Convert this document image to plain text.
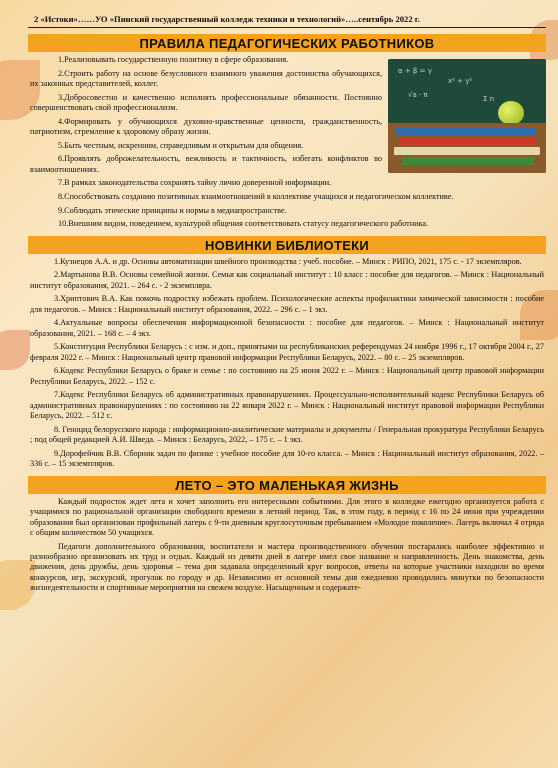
2 «Истоки»……УО «Пинский государственный колледж техники и технологий»…..сентябрь 2022 г.
ПРАВИЛА ПЕДАГОГИЧЕСКИХ РАБОТНИКОВ
α + β = γ
x² + y²
√a · π	Σ n

1.Реализовывать государственную политику в сфере образования.

2.Строить работу на основе безусловного взаимного уважения достоинства обучающихся, их законных представителей, коллег.

3.Добросовестно и качественно исполнять профессиональные обязанности. Постоянно совершенствовать свой профессионализм.

4.Формировать у обучающихся духовно-нравственные ценности, гражданственность, патриотизм, стремление к здоровому образу жизни.

5.Быть честным, искренним, справедливым и открытым для общения.

6.Проявлять доброжелательность, вежливость и тактичность, избегать конфликтов во взаимоотношениях.

7.В рамках законодательства сохранять тайну лично доверенной информации.

8.Способствовать созданию позитивных взаимоотношений в коллективе учащихся и педагогическом коллективе.

9.Соблюдать этические принципы и нормы в медиапространстве.

10.Внешним видом, поведением, культурой общения соответствовать статусу педагогического работника.

НОВИНКИ БИБЛИОТЕКИ

1.Кузнецов А.А. и др. Основы автоматизации швейного производства : учеб. пособие. – Минск : РИПО, 2021, 175 с. - 17 экземпляров.

2.Мартынова В.В. Основы семейной жизни. Семья как социальный институт : 10 класс : пособие для педагогов. – Минск : Национальный институт образования, 2021. – 264 с. - 2 экземпляра.

3.Хриптович В.А. Как помочь подростку избежать проблем. Психологические аспекты профилактики химической зависимости : пособие для педагогов. – Минск : Национальный институт образования, 2022. – 296 с. – 1 экз.

4.Актуальные вопросы обеспечения информационной безопасности : пособие для педагогов. – Минск : Национальный институт образования, 2021. – 168 с. – 4 экз.

5.Конституция Республики Беларусь : с изм. и доп., принятыми на республиканских референдумах 24 ноября 1996 г., 17 октября 2004 г., 27 февраля 2022 г. – Минск : Национальный центр правовой информации Республики Беларусь, 2022. – 80 с. – 25 экземпляров.

6.Кодекс Республики Беларусь о браке и семье : по состоянию на 25 июня 2022 г. – Минск : Национальный центр правовой информации Республики Беларусь, 2022. – 152 с.

7.Кодекс Республики Беларусь об административных правонарушениях. Процессуально-исполнительный кодекс Республики Беларусь об административных правонарушениях : по состоянию на 22 января 2022 г. – Минск : Национальный институт правовой информации Республики Беларусь, 2022. – 512 с.

8. Геноцид белорусского народа : информационно-аналитические материалы и документы / Генеральная прокуратура Республики Беларусь ; под общей редакцией А.И. Шведа. – Минск : Беларусь, 2022, – 175 с. – 1 экз.

9.Дорофейчик В.В. Сборник задач по физике : учебное пособие для 10-го класса. – Минск : Национальный институт образования, 2022. – 336 с. – 15 экземпляров.

ЛЕТО – ЭТО МАЛЕНЬКАЯ ЖИЗНЬ

Каждый подросток ждет лета и хочет заполнить его интересными событиями. Для этого в колледже ежегодно организуется работа с учащимися по рациональной организации свободного времени в летний период. Так, в этом году, в период с 16 по 24 июня при учреждении образования был организован профильный лагерь с 9-ти дневным круглосуточным пребыванием «Молодое поколение». Лагерь включал 4 отряда с общим количеством 50 учащихся.

Педагоги дополнительного образования, воспитатели и мастера производственного обучения постарались наиболее эффективно и разнообразно организовать их труд и отдых. Каждый из девяти дней в лагере имел свое название и направленность. День знакомства, день движения, день дружбы, день здоровья – тема дня задавала определенный круг вопросов, ответы на которые участники находили во время конкурсов, игр, экскурсий, прогулок по городу и др. Независимо от основной темы дня ежедневно проводились минутки по безопасности жизнедеятельности и спортивные мероприятия на свежем воздухе. Насыщенным и содержате-
